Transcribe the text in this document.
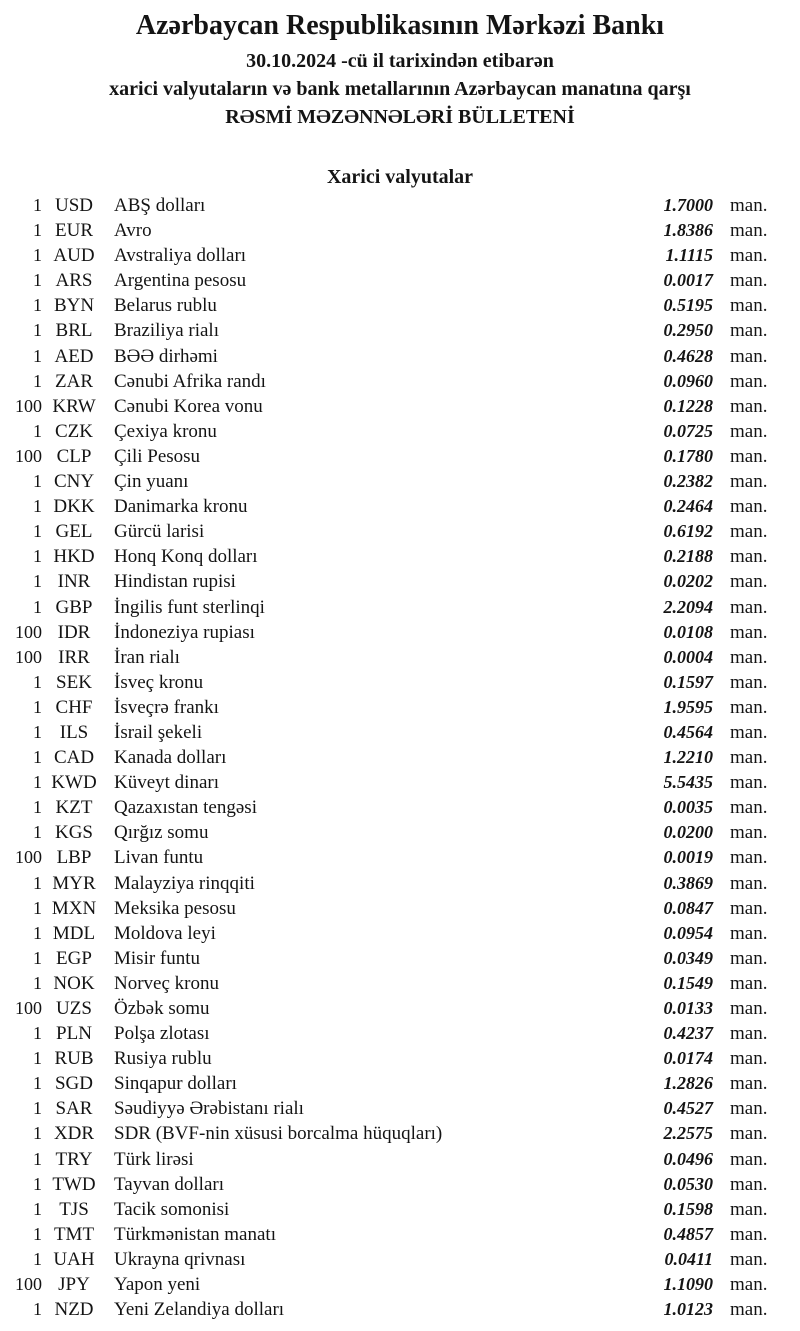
Azərbaycan Respublikasının Mərkəzi Bankı
30.10.2024 -cü il tarixindən etibarən
xarici valyutaların və bank metallarının Azərbaycan manatına qarşı
RƏSMİ MƏZƏNNƏLƏRİ BÜLLETENİ
Xarici valyutalar
1 USD	ABŞ dolları	1.7000 man.
1 EUR	Avro	1.8386 man.
1 AUD	Avstraliya dolları	1.1115 man.
1 ARS	Argentina pesosu	0.0017 man.
1 BYN	Belarus rublu	0.5195 man.
1 BRL	Braziliya rialı	0.2950 man.
1 AED	BƏƏ dirhəmi	0.4628 man.
1 ZAR	Cənubi Afrika randı	0.0960 man.
100 KRW Cənubi Korea vonu	0.1228 man.
1 CZK	Çexiya kronu	0.0725 man.
100 CLP	Çili Pesosu	0.1780 man.
1 CNY	Çin yuanı	0.2382 man.
1 DKK	Danimarka kronu	0.2464 man.
1 GEL	Gürcü larisi	0.6192 man.
1 HKD	Honq Konq dolları	0.2188 man.
1 INR	Hindistan rupisi	0.0202 man.
1 GBP	İngilis funt sterlinqi	2.2094 man.
100 IDR	İndoneziya rupiası	0.0108 man.
100 IRR	İran rialı	0.0004 man.
1 SEK	İsveç kronu	0.1597 man.
1 CHF	İsveçrə frankı	1.9595 man.
1 ILS	İsrail şekeli	0.4564 man.
1 CAD	Kanada dolları	1.2210 man.
1 KWD Küveyt dinarı	5.5435 man.
1 KZT	Qazaxıstan tengəsi	0.0035 man.
1 KGS	Qırğız somu	0.0200 man.
100 LBP	Livan funtu	0.0019 man.
1 MYR Malayziya rinqqiti	0.3869 man.
1 MXN Meksika pesosu	0.0847 man.
1 MDL Moldova leyi	0.0954 man.
1 EGP	Misir funtu	0.0349 man.
1 NOK	Norveç kronu	0.1549 man.
100 UZS	Özbək somu	0.0133 man.
1 PLN	Polşa zlotası	0.4237 man.
1 RUB	Rusiya rublu	0.0174 man.
1 SGD	Sinqapur dolları	1.2826 man.
1 SAR	Səudiyyə Ərəbistanı rialı	0.4527 man.
1 XDR	SDR (BVF-nin xüsusi borcalma hüquqları)	2.2575 man.
1 TRY	Türk lirəsi	0.0496 man.
1 TWD Tayvan dolları	0.0530 man.
1 TJS	Tacik somonisi	0.1598 man.
1 TMT	Türkmənistan manatı	0.4857 man.
1 UAH	Ukrayna qrivnası	0.0411 man.
100 JPY	Yapon yeni	1.1090 man.
1 NZD	Yeni Zelandiya dolları	1.0123 man.
